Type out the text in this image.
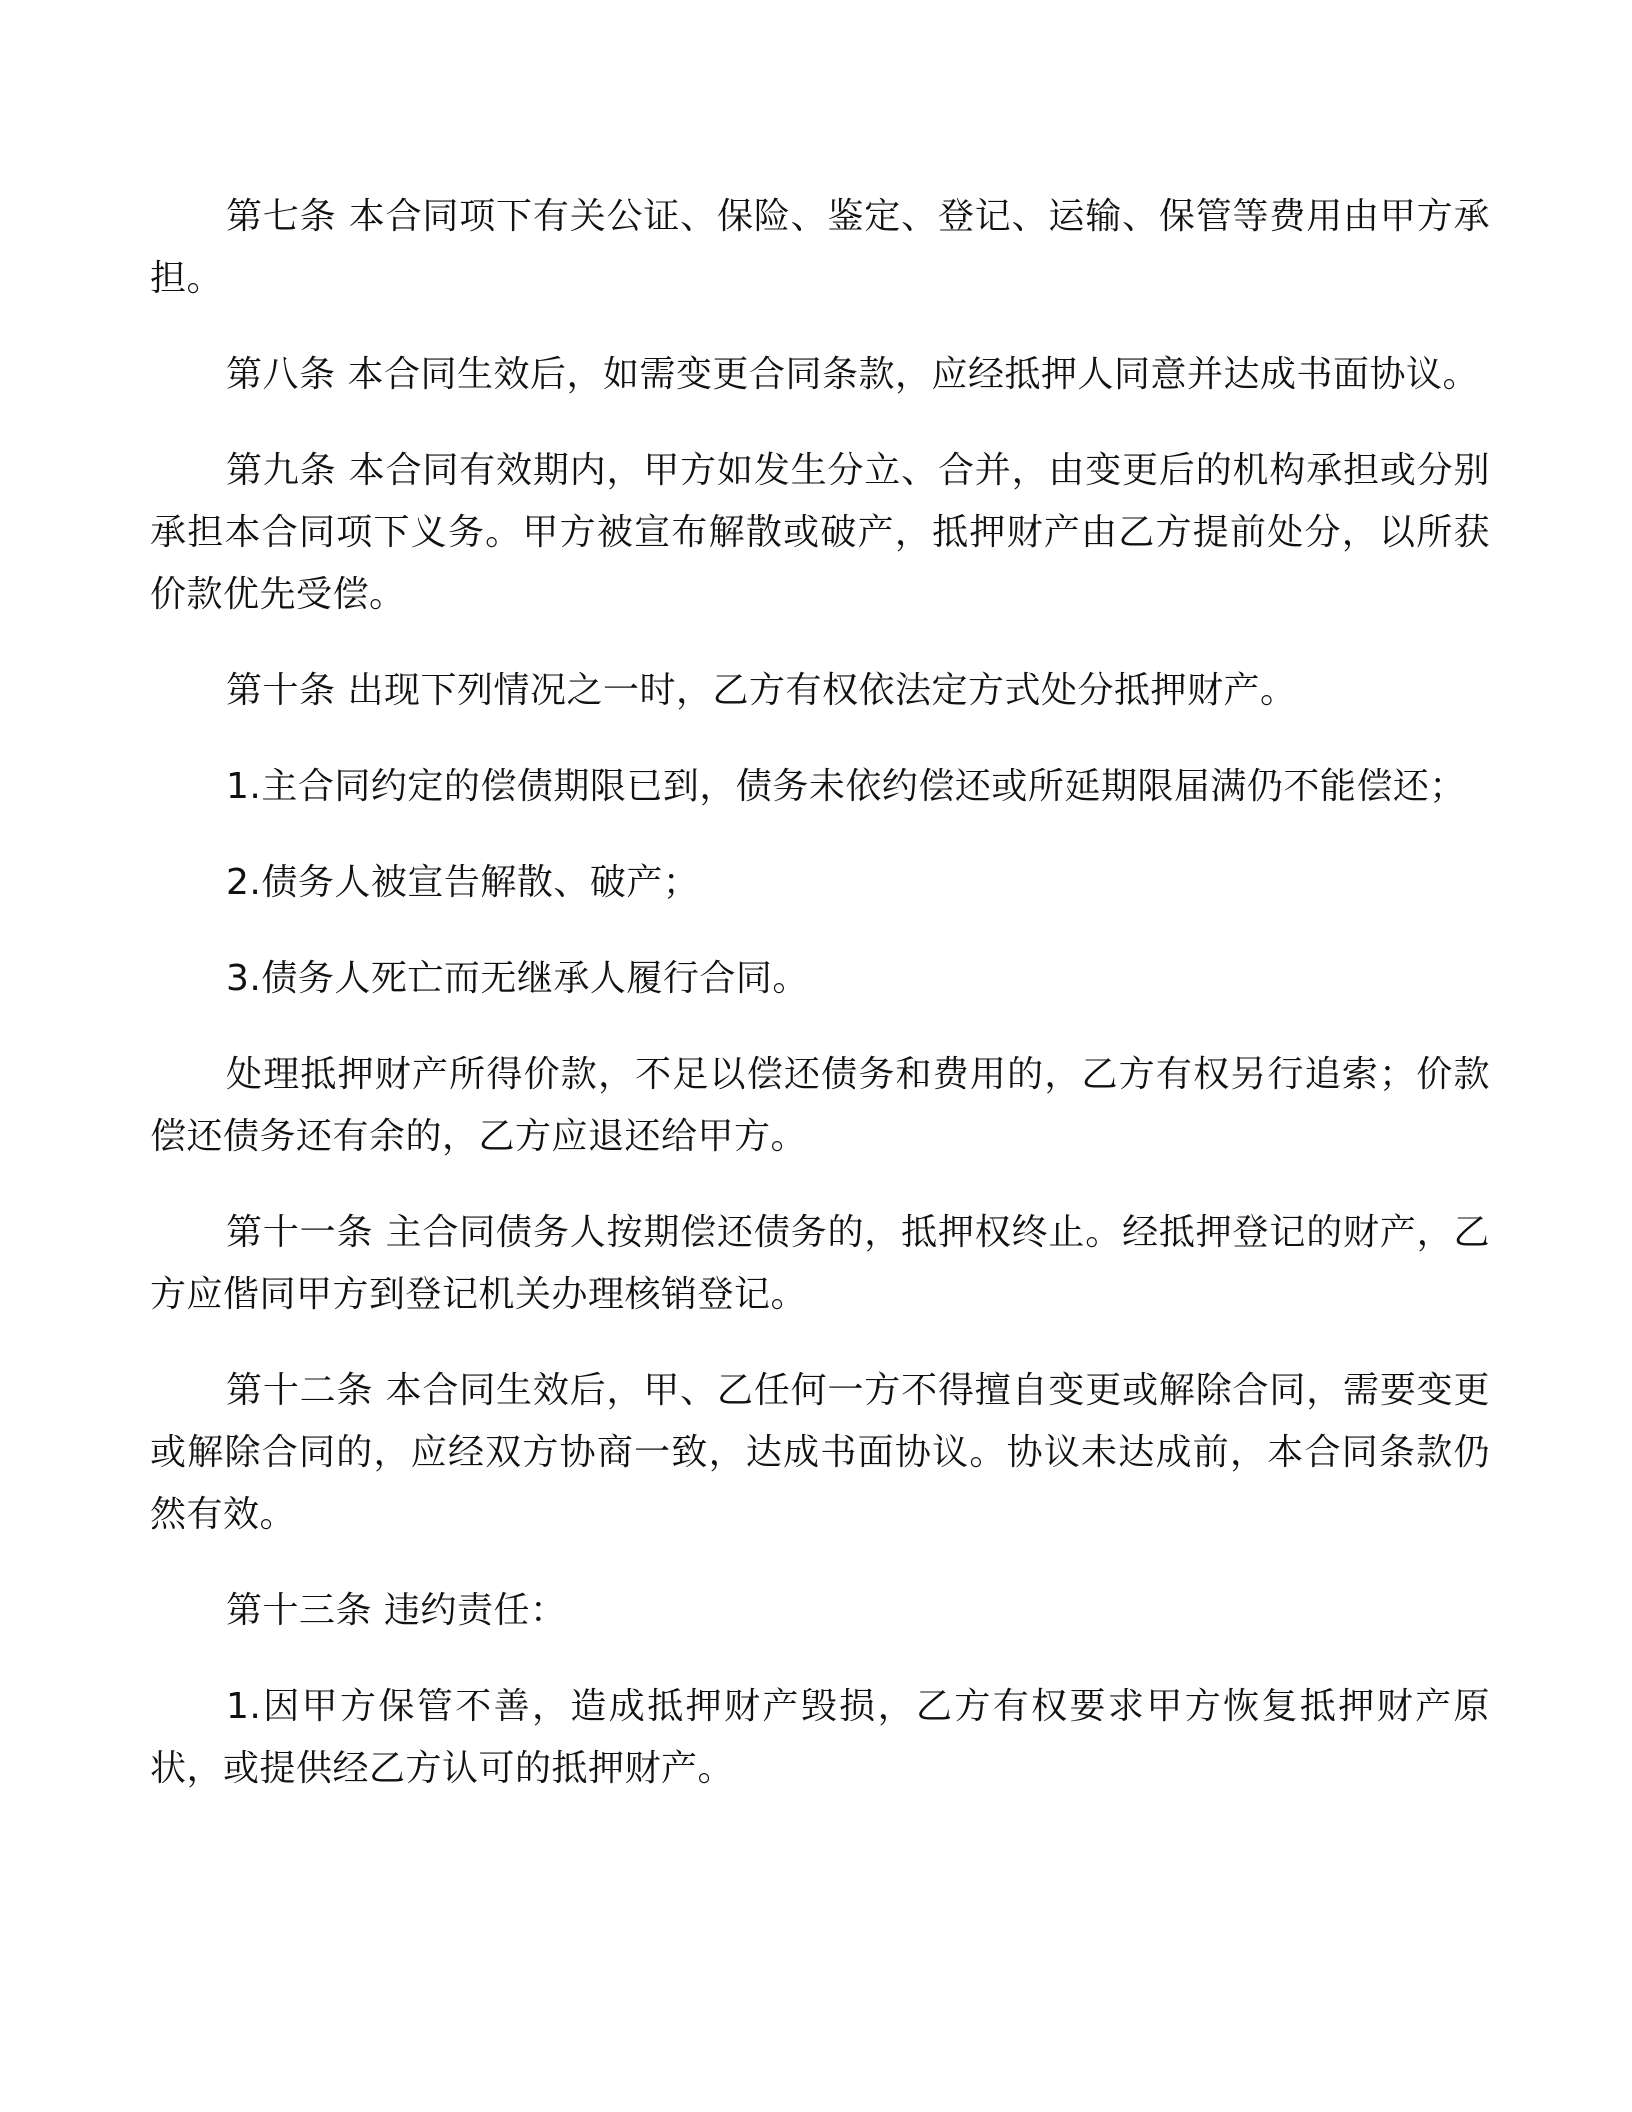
第七条 本合同项下有关公证、保险、鉴定、登记、运输、保管等费用由甲方承担。

第八条 本合同生效后，如需变更合同条款，应经抵押人同意并达成书面协议。

第九条 本合同有效期内，甲方如发生分立、合并，由变更后的机构承担或分别承担本合同项下义务。甲方被宣布解散或破产，抵押财产由乙方提前处分，以所获价款优先受偿。

第十条 出现下列情况之一时，乙方有权依法定方式处分抵押财产。

1.主合同约定的偿债期限已到，债务未依约偿还或所延期限届满仍不能偿还；

2.债务人被宣告解散、破产；

3.债务人死亡而无继承人履行合同。

处理抵押财产所得价款，不足以偿还债务和费用的，乙方有权另行追索；价款偿还债务还有余的，乙方应退还给甲方。

第十一条 主合同债务人按期偿还债务的，抵押权终止。经抵押登记的财产，乙方应偕同甲方到登记机关办理核销登记。

第十二条 本合同生效后，甲、乙任何一方不得擅自变更或解除合同，需要变更或解除合同的，应经双方协商一致，达成书面协议。协议未达成前，本合同条款仍然有效。

第十三条 违约责任：

1.因甲方保管不善，造成抵押财产毁损，乙方有权要求甲方恢复抵押财产原状，或提供经乙方认可的抵押财产。
